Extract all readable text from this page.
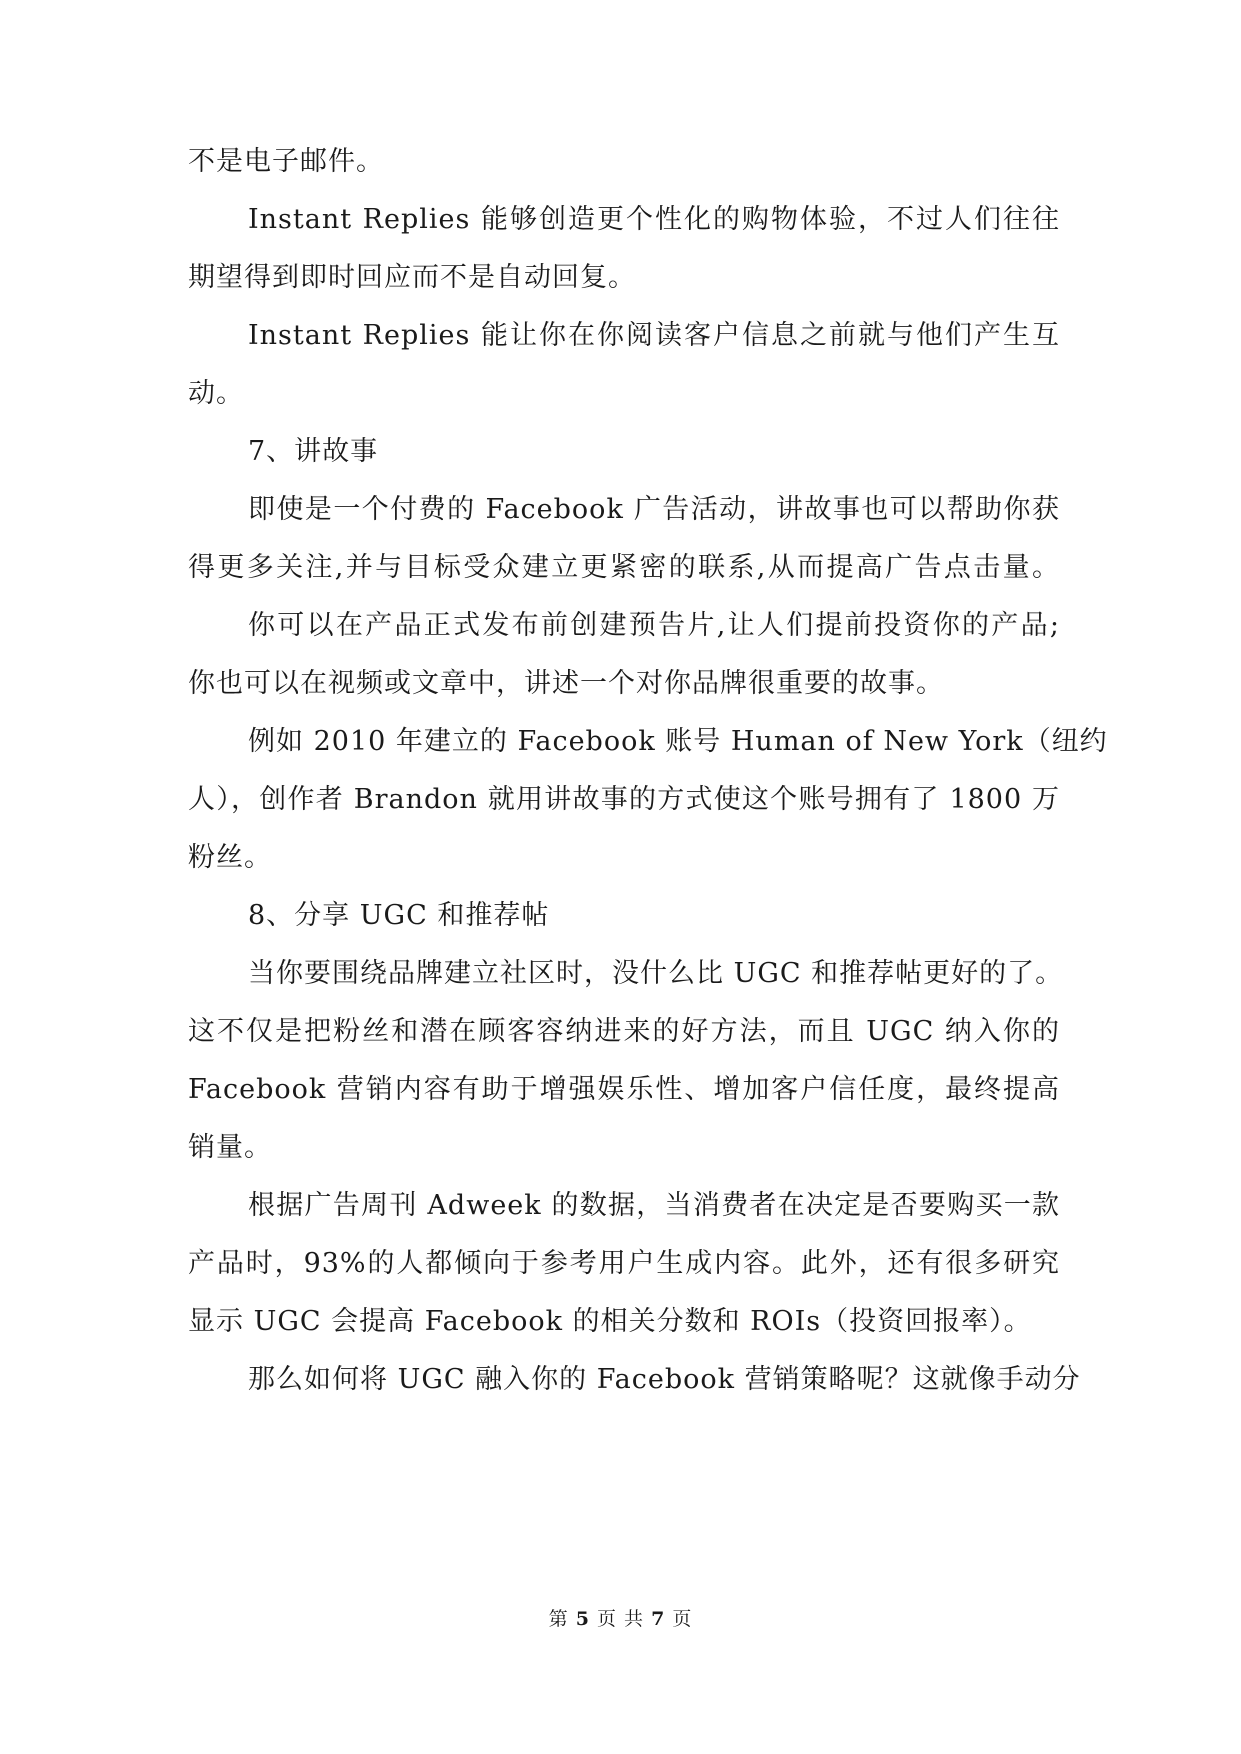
不是电子邮件。
Instant Replies 能够创造更个性化的购物体验，不过人们往往
期望得到即时回应而不是自动回复。
Instant Replies 能让你在你阅读客户信息之前就与他们产生互
动。
7、讲故事
即使是一个付费的 Facebook 广告活动，讲故事也可以帮助你获
得更多关注,并与目标受众建立更紧密的联系,从而提高广告点击量。
你可以在产品正式发布前创建预告片,让人们提前投资你的产品;
你也可以在视频或文章中，讲述一个对你品牌很重要的故事。
例如 2010 年建立的 Facebook 账号 Human of New York（纽约
人），创作者 Brandon 就用讲故事的方式使这个账号拥有了 1800 万
粉丝。
8、分享 UGC 和推荐帖
当你要围绕品牌建立社区时，没什么比 UGC 和推荐帖更好的了。
这不仅是把粉丝和潜在顾客容纳进来的好方法，而且 UGC 纳入你的
Facebook 营销内容有助于增强娱乐性、增加客户信任度，最终提高
销量。
根据广告周刊 Adweek 的数据，当消费者在决定是否要购买一款
产品时，93%的人都倾向于参考用户生成内容。此外，还有很多研究
显示 UGC 会提高 Facebook 的相关分数和 ROIs（投资回报率）。
那么如何将 UGC 融入你的 Facebook 营销策略呢？这就像手动分
第 5 页 共 7 页
